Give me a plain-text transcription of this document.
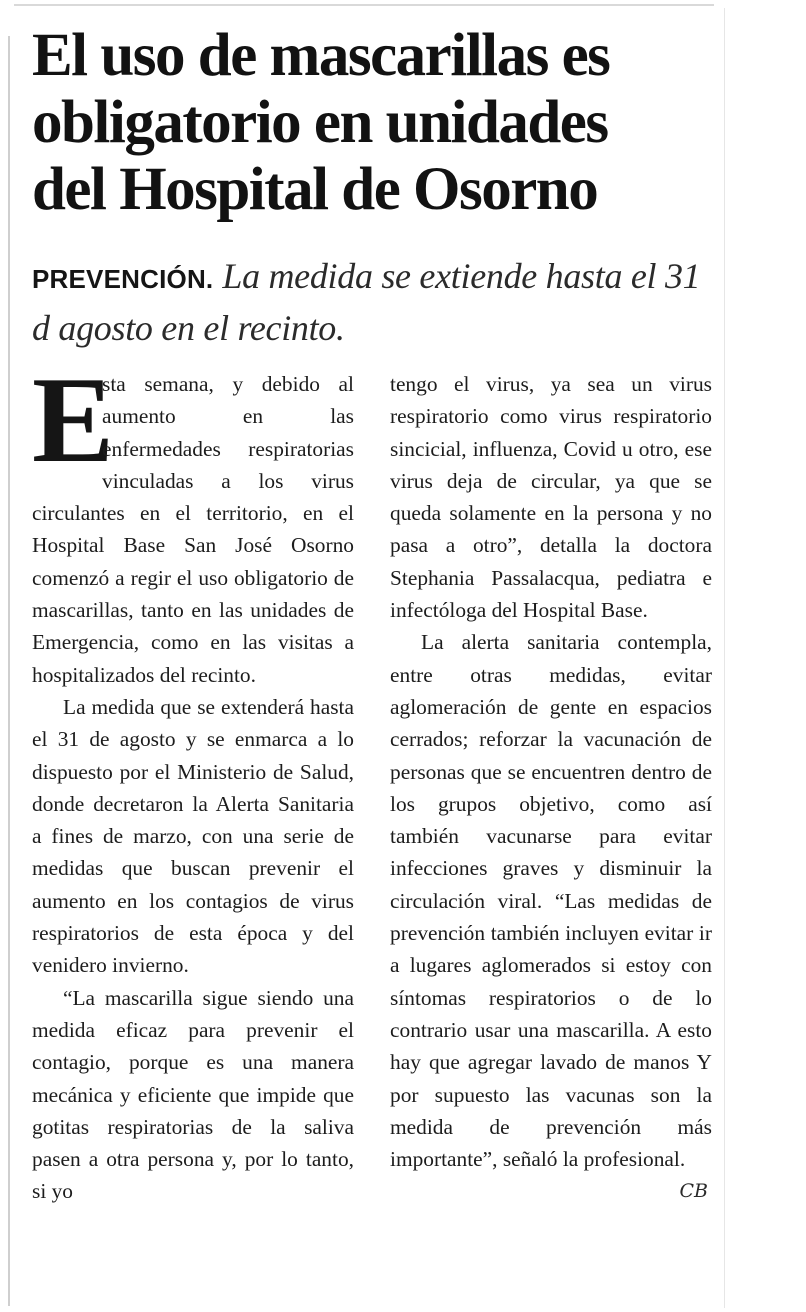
El uso de mascarillas es
obligatorio en unidades
del Hospital de Osorno

PREVENCIÓN. La medida se extiende hasta el 31 d agosto en el recinto.

E
sta semana, y debido al aumento en las enfermedades respiratorias vinculadas a los virus circulantes en el territorio, en el Hospital Base San José Osorno comenzó a regir el uso obligatorio de mascarillas, tanto en las unidades de Emergencia, como en las visitas a hospitalizados del recinto.

La medida que se extenderá hasta el 31 de agosto y se enmarca a lo dispuesto por el Ministerio de Salud, donde decretaron la Alerta Sanitaria a fines de marzo, con una serie de medidas que buscan prevenir el aumento en los contagios de virus respiratorios de esta época y del venidero invierno.

“La mascarilla sigue siendo una medida eficaz para prevenir el contagio, porque es una manera mecánica y eficiente que impide que gotitas respiratorias de la saliva pasen a otra persona y, por lo tanto, si yo

tengo el virus, ya sea un virus respiratorio como virus respiratorio sincicial, influenza, Covid u otro, ese virus deja de circular, ya que se queda solamente en la persona y no pasa a otro”, detalla la doctora Stephania Passalacqua, pediatra e infectóloga del Hospital Base.

La alerta sanitaria contempla, entre otras medidas, evitar aglomeración de gente en espacios cerrados; reforzar la vacunación de personas que se encuentren dentro de los grupos objetivo, como así también vacunarse para evitar infecciones graves y disminuir la circulación viral. “Las medidas de prevención también incluyen evitar ir a lugares aglomerados si estoy con síntomas respiratorios o de lo contrario usar una mascarilla. A esto hay que agregar lavado de manos Y por supuesto las vacunas son la medida de prevención más importante”, señaló la profesional.
CB
